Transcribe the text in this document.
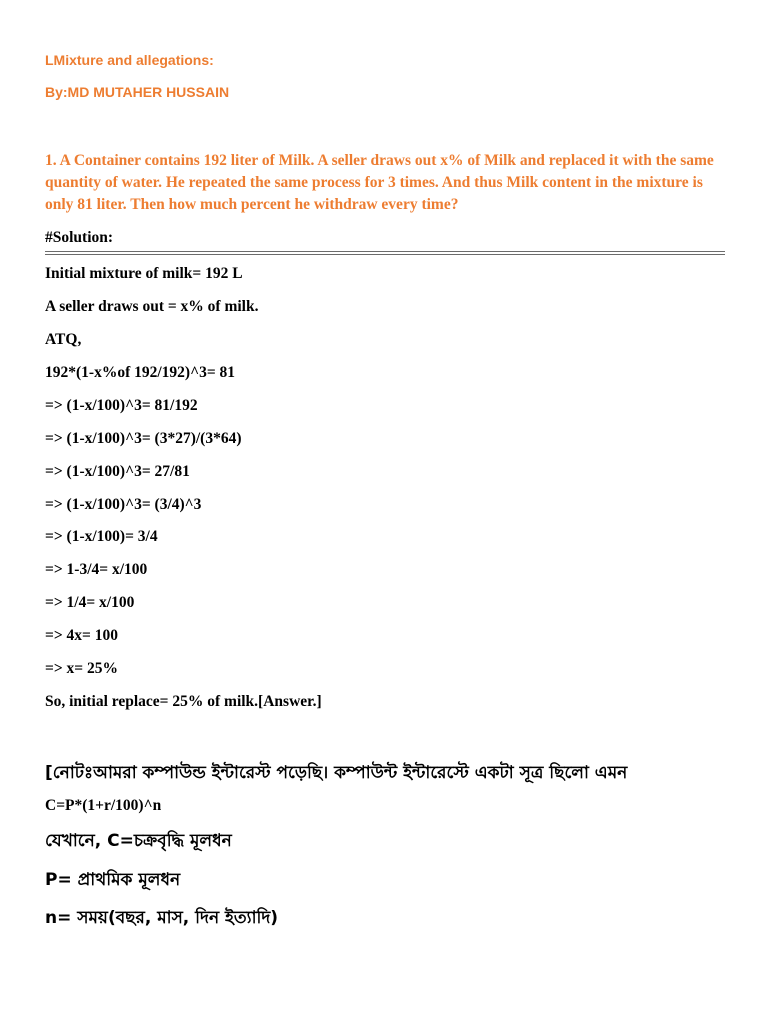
LMixture and allegations:
By:MD MUTAHER HUSSAIN
1. A Container contains 192 liter of Milk. A seller draws out x% of Milk and replaced it with the same quantity of water. He repeated the same process for 3 times. And thus Milk content in the mixture is only 81 liter. Then how much percent he withdraw every time?
#Solution:
Initial mixture of milk= 192 L
A seller draws out = x% of milk.
ATQ,
192*(1-x%of 192/192)^3= 81
=> (1-x/100)^3= 81/192
=> (1-x/100)^3= (3*27)/(3*64)
=> (1-x/100)^3= 27/81
=> (1-x/100)^3= (3/4)^3
=> (1-x/100)= 3/4
=> 1-3/4= x/100
=> 1/4= x/100
=> 4x= 100
=> x= 25%
So, initial replace= 25% of milk.[Answer.]
[নোটঃআমরা কম্পাউন্ড ইন্টারেস্ট পড়েছি। কম্পাউন্ট ইন্টারেস্টে একটা সূত্র ছিলো এমন
C=P*(1+r/100)^n
যেখানে, C=চক্রবৃদ্ধি মূলধন
P= প্রাথমিক মূলধন
n= সময়(বছর, মাস, দিন ইত্যাদি)
